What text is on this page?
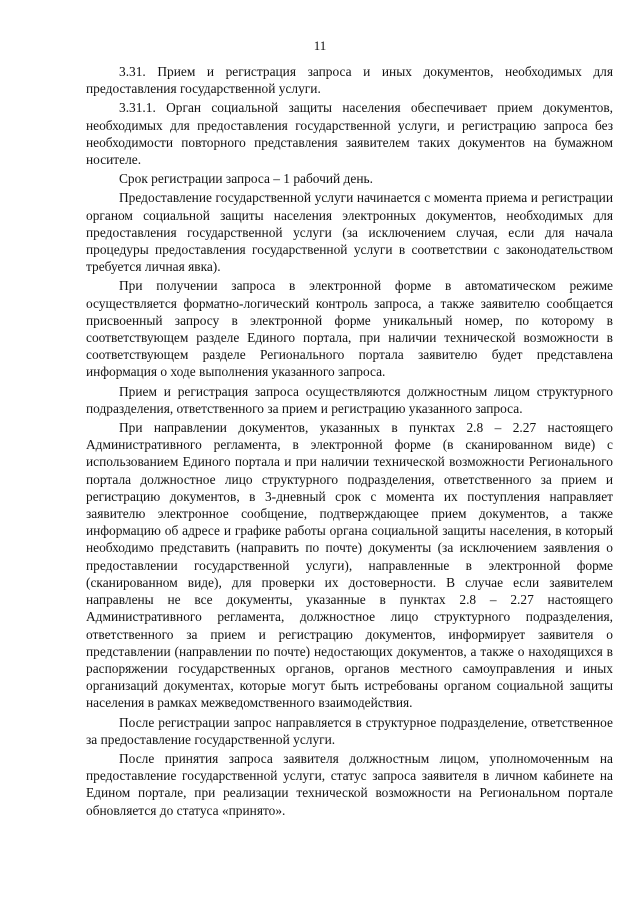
11

3.31. Прием и регистрация запроса и иных документов, необходимых для предоставления государственной услуги.

3.31.1. Орган социальной защиты населения обеспечивает прием документов, необходимых для предоставления государственной услуги, и регистрацию запроса без необходимости повторного представления заявителем таких документов на бумажном носителе.

Срок регистрации запроса – 1 рабочий день.

Предоставление государственной услуги начинается с момента приема и регистрации органом социальной защиты населения электронных документов, необходимых для предоставления государственной услуги (за исключением случая, если для начала процедуры предоставления государственной услуги в соответствии с законодательством требуется личная явка).

При получении запроса в электронной форме в автоматическом режиме осуществляется форматно-логический контроль запроса, а также заявителю сообщается присвоенный запросу в электронной форме уникальный номер, по которому в соответствующем разделе Единого портала, при наличии технической возможности в соответствующем разделе Регионального портала заявителю будет представлена информация о ходе выполнения указанного запроса.

Прием и регистрация запроса осуществляются должностным лицом структурного подразделения, ответственного за прием и регистрацию указанного запроса.

При направлении документов, указанных в пунктах 2.8 – 2.27 настоящего Административного регламента, в электронной форме (в сканированном виде) с использованием Единого портала и при наличии технической возможности Регионального портала должностное лицо структурного подразделения, ответственного за прием и регистрацию документов, в 3-дневный срок с момента их поступления направляет заявителю электронное сообщение, подтверждающее прием документов, а также информацию об адресе и графике работы органа социальной защиты населения, в который необходимо представить (направить по почте) документы (за исключением заявления о предоставлении государственной услуги), направленные в электронной форме (сканированном виде), для проверки их достоверности. В случае если заявителем направлены не все документы, указанные в пунктах 2.8 – 2.27 настоящего Административного регламента, должностное лицо структурного подразделения, ответственного за прием и регистрацию документов, информирует заявителя о представлении (направлении по почте) недостающих документов, а также о находящихся в распоряжении государственных органов, органов местного самоуправления и иных организаций документах, которые могут быть истребованы органом социальной защиты населения в рамках межведомственного взаимодействия.

После регистрации запрос направляется в структурное подразделение, ответственное за предоставление государственной услуги.

После принятия запроса заявителя должностным лицом, уполномоченным на предоставление государственной услуги, статус запроса заявителя в личном кабинете на Едином портале, при реализации технической возможности на Региональном портале обновляется до статуса «принято».
